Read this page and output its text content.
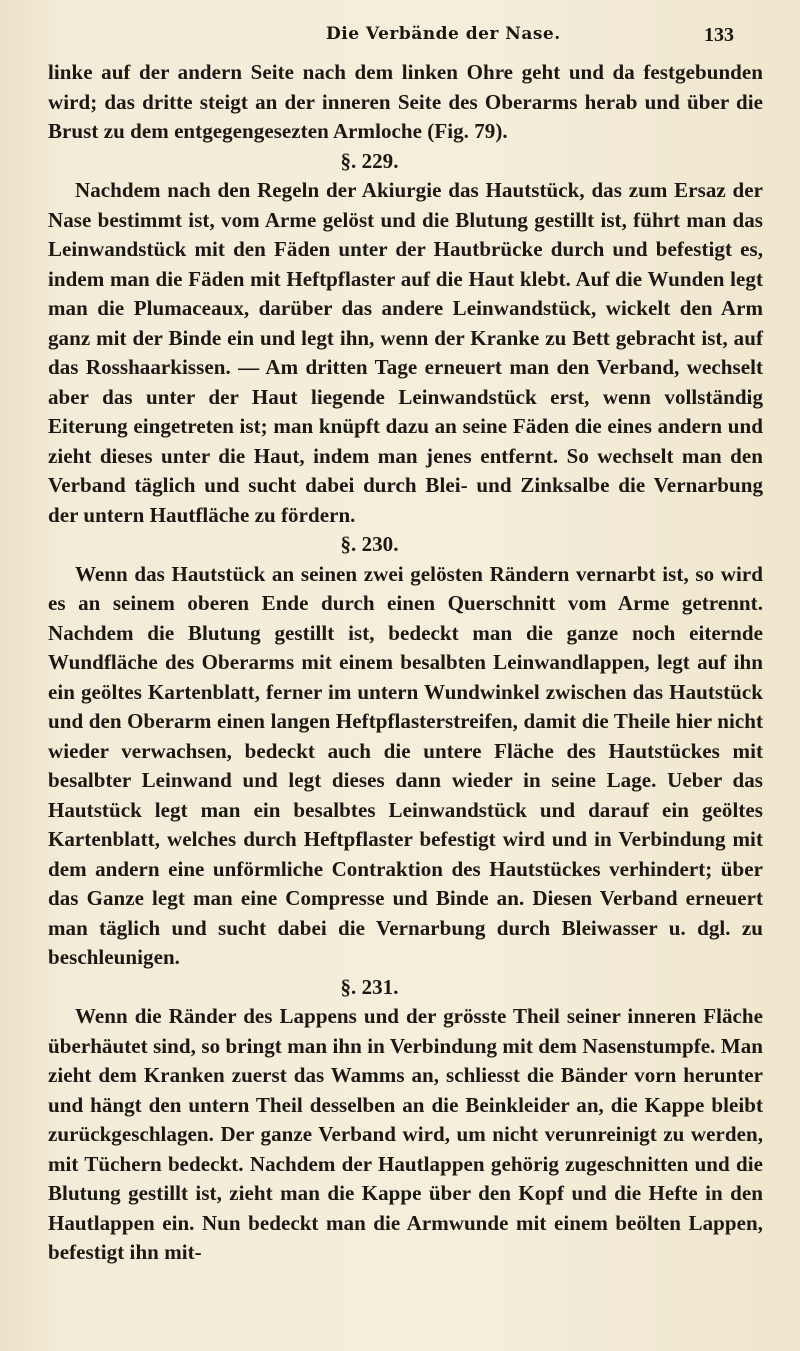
Die Verbände der Nase.	133

linke auf der andern Seite nach dem linken Ohre geht und da festgebunden wird; das dritte steigt an der inneren Seite des Oberarms herab und über die Brust zu dem entgegengesezten Armloche (Fig. 79).

§. 229.

Nachdem nach den Regeln der Akiurgie das Hautstück, das zum Ersaz der Nase bestimmt ist, vom Arme gelöst und die Blutung gestillt ist, führt man das Leinwandstück mit den Fäden unter der Hautbrücke durch und befestigt es, indem man die Fäden mit Heftpflaster auf die Haut klebt. Auf die Wunden legt man die Plumaceaux, darüber das andere Leinwandstück, wickelt den Arm ganz mit der Binde ein und legt ihn, wenn der Kranke zu Bett gebracht ist, auf das Rosshaarkissen. — Am dritten Tage erneuert man den Verband, wechselt aber das unter der Haut liegende Leinwandstück erst, wenn vollständig Eiterung eingetreten ist; man knüpft dazu an seine Fäden die eines andern und zieht dieses unter die Haut, indem man jenes entfernt. So wechselt man den Verband täglich und sucht dabei durch Blei- und Zinksalbe die Vernarbung der untern Hautfläche zu fördern.

§. 230.

Wenn das Hautstück an seinen zwei gelösten Rändern vernarbt ist, so wird es an seinem oberen Ende durch einen Querschnitt vom Arme getrennt. Nachdem die Blutung gestillt ist, bedeckt man die ganze noch eiternde Wundfläche des Oberarms mit einem besalbten Leinwandlappen, legt auf ihn ein geöltes Kartenblatt, ferner im untern Wundwinkel zwischen das Hautstück und den Oberarm einen langen Heftpflasterstreifen, damit die Theile hier nicht wieder verwachsen, bedeckt auch die untere Fläche des Hautstückes mit besalbter Leinwand und legt dieses dann wieder in seine Lage. Ueber das Hautstück legt man ein besalbtes Leinwandstück und darauf ein geöltes Kartenblatt, welches durch Heftpflaster befestigt wird und in Verbindung mit dem andern eine unförmliche Contraktion des Hautstückes verhindert; über das Ganze legt man eine Compresse und Binde an. Diesen Verband erneuert man täglich und sucht dabei die Vernarbung durch Bleiwasser u. dgl. zu beschleunigen.

§. 231.

Wenn die Ränder des Lappens und der grösste Theil seiner inneren Fläche überhäutet sind, so bringt man ihn in Verbindung mit dem Nasenstumpfe. Man zieht dem Kranken zuerst das Wamms an, schliesst die Bänder vorn herunter und hängt den untern Theil desselben an die Beinkleider an, die Kappe bleibt zurückgeschlagen. Der ganze Verband wird, um nicht verunreinigt zu werden, mit Tüchern bedeckt. Nachdem der Hautlappen gehörig zugeschnitten und die Blutung gestillt ist, zieht man die Kappe über den Kopf und die Hefte in den Hautlappen ein. Nun bedeckt man die Armwunde mit einem beölten Lappen, befestigt ihn mit-
